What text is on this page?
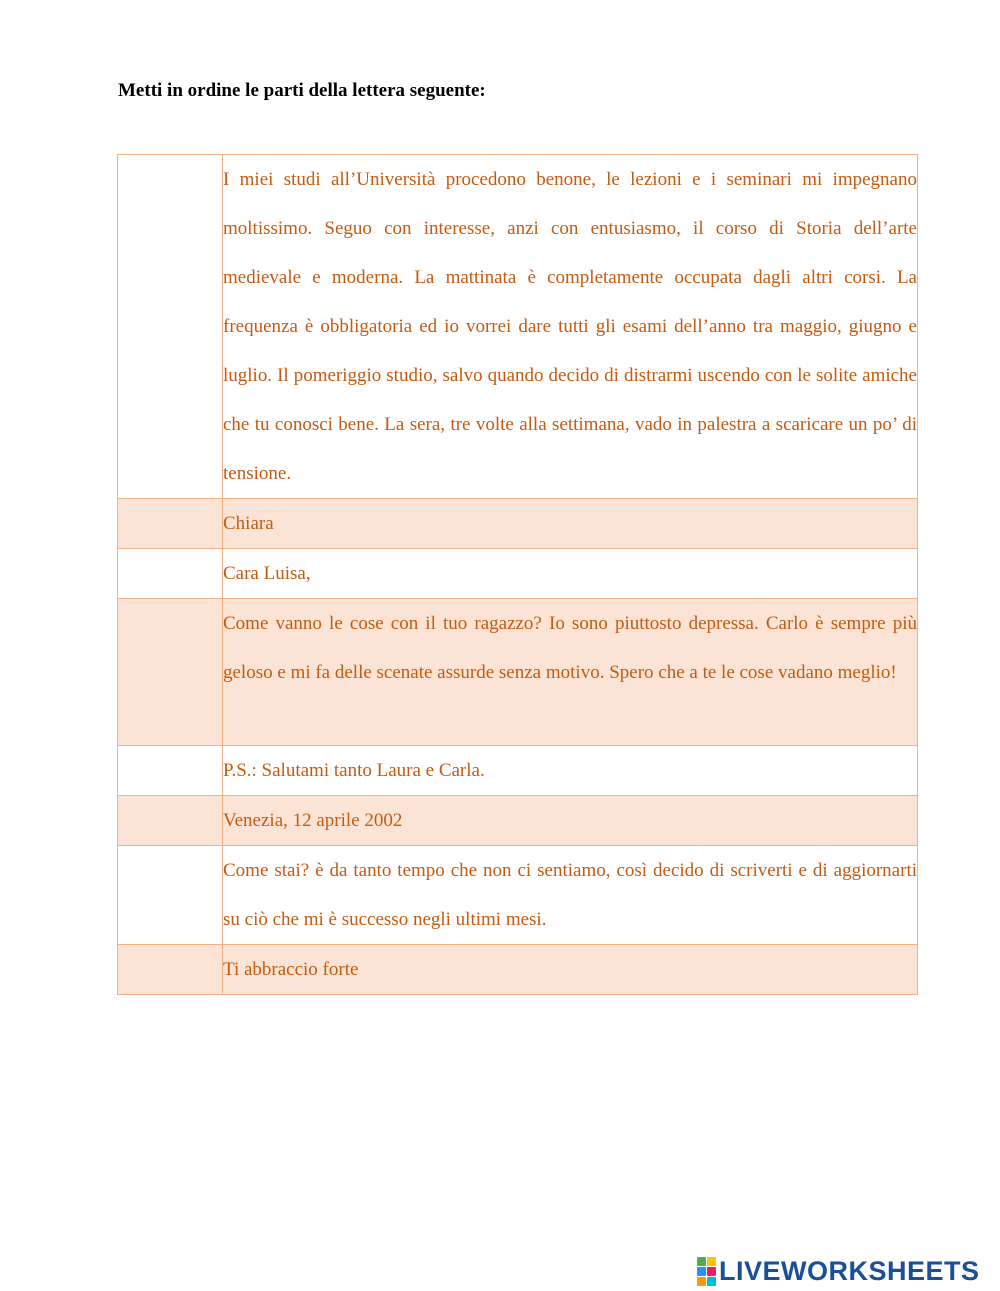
Metti in ordine le parti della lettera seguente:
	I miei studi all’Università procedono benone, le lezioni e i seminari mi impegnano moltissimo. Seguo con interesse, anzi con entusiasmo, il corso di Storia dell’arte medievale e moderna. La mattinata è completamente occupata dagli altri corsi. La frequenza è obbligatoria ed io vorrei dare tutti gli esami dell’anno tra maggio, giugno e luglio. Il pomeriggio studio, salvo quando decido di distrarmi uscendo con le solite amiche che tu conosci bene. La sera, tre volte alla settimana, vado in palestra a scaricare un po’ di tensione.
	Chiara
	Cara Luisa,
	Come vanno le cose con il tuo ragazzo? Io sono piuttosto depressa. Carlo è sempre più geloso e mi fa delle scenate assurde senza motivo. Spero che a te le cose vadano meglio!
	P.S.: Salutami tanto Laura e Carla.
	Venezia, 12 aprile 2002
	Come stai? è da tanto tempo che non ci sentiamo, così decido di scriverti e di aggiornarti su ciò che mi è successo negli ultimi mesi.
	Ti abbraccio forte
LIVEWORKSHEETS
